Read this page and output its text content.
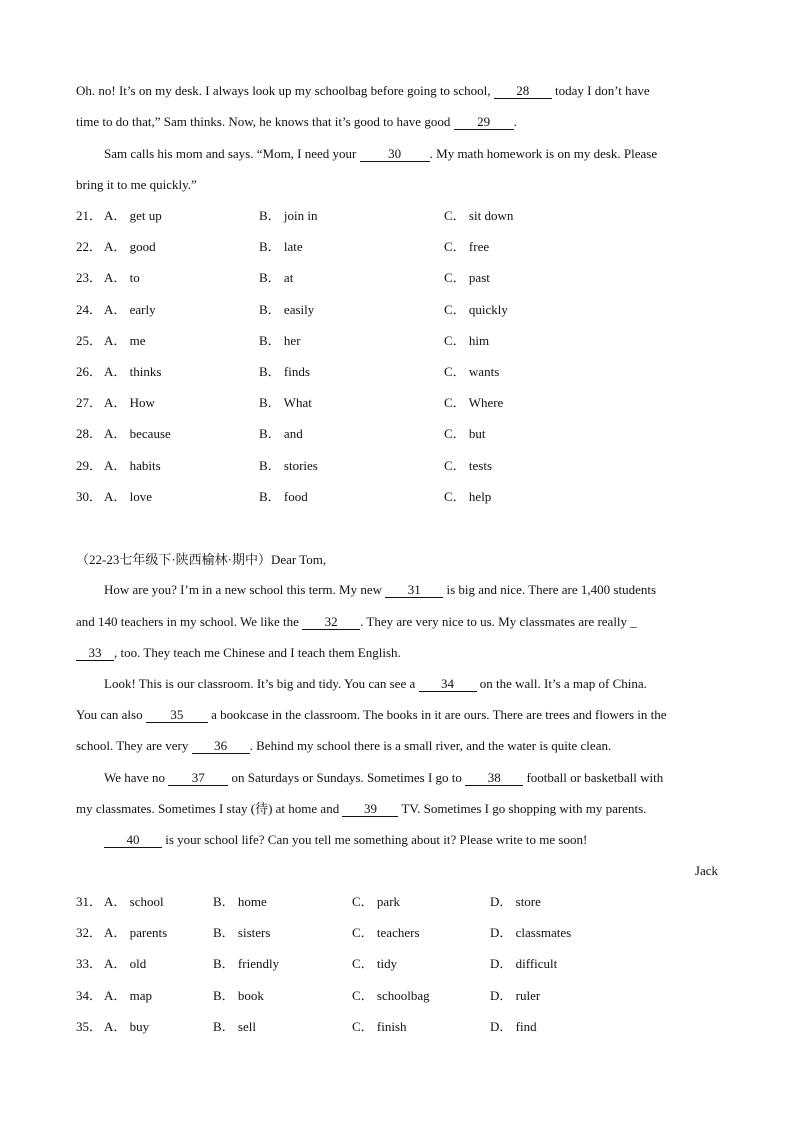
Oh. no! It’s on my desk. I always look up my schoolbag before going to school, 28 today I don’t have
time to do that,” Sam thinks. Now, he knows that it’s good to have good 29 .
Sam calls his mom and says. “Mom, I need your 30 . My math homework is on my desk. Please
bring it to me quickly.”
21． A． get up	B． join in	C． sit down
22． A． good	B． late	C． free
23． A． to	B． at	C． past
24． A． early	B． easily	C． quickly
25． A． me	B． her	C． him
26． A． thinks	B． finds	C． wants
27． A． How	B． What	C． Where
28． A． because	B． and	C． but
29． A． habits	B． stories	C． tests
30． A． love	B． food	C． help
（22-23七年级下·陕西榆林·期中）Dear Tom,
How are you? I’m in a new school this term. My new 31 is big and nice. There are 1,400 students
and 140 teachers in my school. We like the 32 . They are very nice to us. My classmates are really _
33 , too. They teach me Chinese and I teach them English.
Look! This is our classroom. It’s big and tidy. You can see a 34 on the wall. It’s a map of China.
You can also 35 a bookcase in the classroom. The books in it are ours. There are trees and flowers in the
school. They are very 36 . Behind my school there is a small river, and the water is quite clean.
We have no 37 on Saturdays or Sundays. Sometimes I go to 38 football or basketball with
my classmates. Sometimes I stay (待) at home and 39 TV. Sometimes I go shopping with my parents.
40 is your school life? Can you tell me something about it? Please write to me soon!
Jack
31． A． school	B． home	C． park	D． store
32． A． parents	B． sisters	C． teachers	D． classmates
33． A． old	B． friendly	C． tidy	D． difficult
34． A． map	B． book	C． schoolbag	D． ruler
35． A． buy	B． sell	C． finish	D． find
